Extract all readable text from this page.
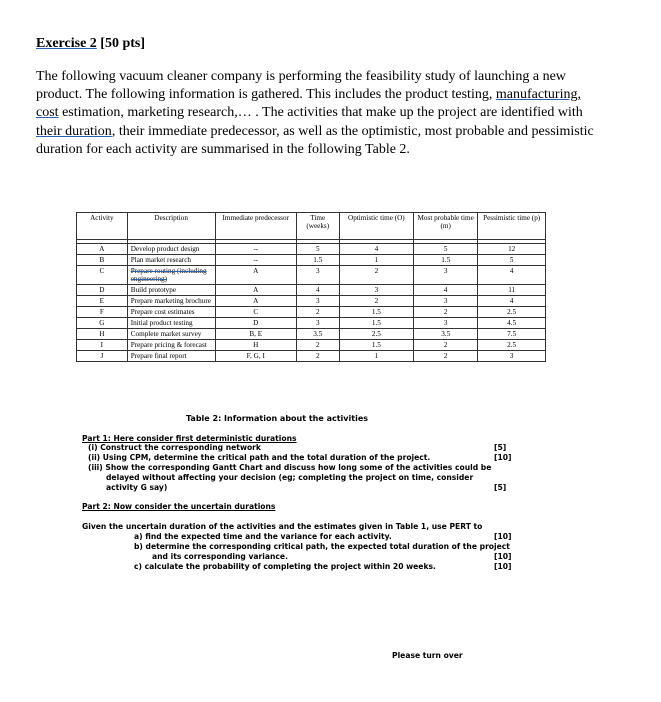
Exercise 2 [50 pts]
The following vacuum cleaner company is performing the feasibility study of launching a new product. The following information is gathered. This includes the product testing, manufacturing, cost estimation, marketing research,… . The activities that make up the project are identified with their duration, their immediate predecessor, as well as the optimistic, most probable and pessimistic duration for each activity are summarised in the following Table 2.
Activity	Description	Immediate predecessor	Time (weeks)	Optimistic time (O)	Most probable time (m)	Pessimistic time (p)

A	Develop product design	--	5	4	5	12
B	Plan market research	--	1.5	1	1.5	5
C	Prepare routing (including engineering)	A	3	2	3	4
D	Build prototype	A	4	3	4	11
E	Prepare marketing brochure	A	3	2	3	4
F	Prepare cost estimates	C	2	1.5	2	2.5
G	Initial product testing	D	3	1.5	3	4.5
H	Complete market survey	B, E	3.5	2.5	3.5	7.5
I	Prepare pricing & forecast	H	2	1.5	2	2.5
J	Prepare final report	F, G, I	2	1	2	3
Table 2: Information about the activities
Part 1: Here consider first deterministic durations
(i) Construct the corresponding network	[5]
(ii) Using CPM, determine the critical path and the total duration of the project.	[10]
(iii) Show the corresponding Gantt Chart and discuss how long some of the activities could be
delayed without affecting your decision (eg; completing the project on time, consider
activity G say)	[5]
Part 2: Now consider the uncertain durations
Given the uncertain duration of the activities and the estimates given in Table 1, use PERT to
a) find the expected time and the variance for each activity.	[10]
b) determine the corresponding critical path, the expected total duration of the project
and its corresponding variance.	[10]
c) calculate the probability of completing the project within 20 weeks.	[10]
Please turn over
